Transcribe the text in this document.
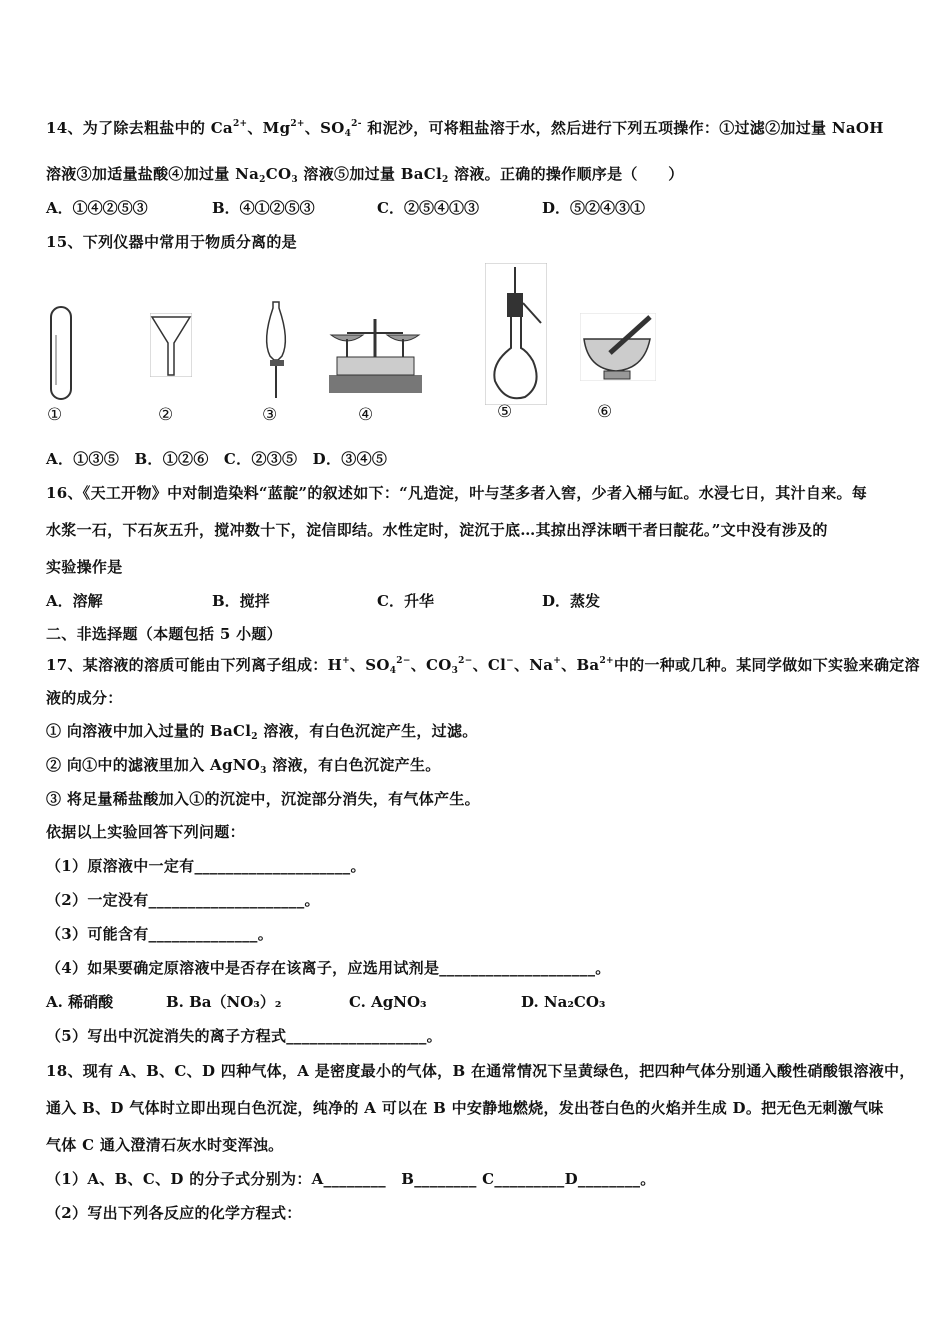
14、为了除去粗盐中的 $Ca^{2+}$、$Mg^{2+}$、$SO_4^{2-}$ 和泥沙，可将粗盐溶于水，然后进行下列五项操作：①过滤②加过量 NaOH
溶液③加适量盐酸④加过量 $Na_2CO_3$ 溶液⑤加过量 BaCl$_2$ 溶液。正确的操作顺序是（　　）
15、下列仪器中常用于物质分离的是
A．①③⑤　B．①②⑥　C．②③⑤　D．③④⑤
16、《天工开物》中对制造染料“蓝靛”的叙述如下：“凡造淀，叶与茎多者入窖，少者入桶与缸。水浸七日，其汁自来。每
水浆一石，下石灰五升，搅冲数十下，淀信即结。水性定时，淀沉于底…其掠出浮沫晒干者曰靛花。”文中没有涉及的
实验操作是
二、非选择题（本题包括 5 小题）
17、某溶液的溶质可能由下列离子组成：H+、$SO_4^{2-}$、$CO_3^{2-}$、Cl−、Na+、$Ba^{2+}$中的一种或几种。某同学做如下实验来确定溶
液的成分：
① 向溶液中加入过量的 BaCl$_2$ 溶液，有白色沉淀产生，过滤。
② 向①中的滤液里加入 AgNO$_3$ 溶液，有白色沉淀产生。
③ 将足量稀盐酸加入①的沉淀中，沉淀部分消失，有气体产生。
依据以上实验回答下列问题：
（1）原溶液中一定有____________________。
（2）一定没有____________________。
（3）可能含有______________。
（4）如果要确定原溶液中是否存在该离子，应选用试剂是____________________。
（5）写出中沉淀消失的离子方程式__________________。
18、现有 A、B、C、D 四种气体，A 是密度最小的气体，B 在通常情况下呈黄绿色，把四种气体分别通入酸性硝酸银溶液中，
通入 B、D 气体时立即出现白色沉淀，纯净的 A 可以在 B 中安静地燃烧，发出苍白色的火焰并生成 D。把无色无刺激气味
气体 C 通入澄清石灰水时变浑浊。
（1）A、B、C、D 的分子式分别为：A________　B________ C_________D________。
（2）写出下列各反应的化学方程式：
A．①④②⑤③	B．④①②⑤③	C．②⑤④①③	D．⑤②④③①
A．溶解	B．搅拌	C．升华	D．蒸发
A. 稀硝酸	B. Ba（NO₃）₂	C. AgNO₃	D. Na₂CO₃
①	②	③	④	⑤	⑥
